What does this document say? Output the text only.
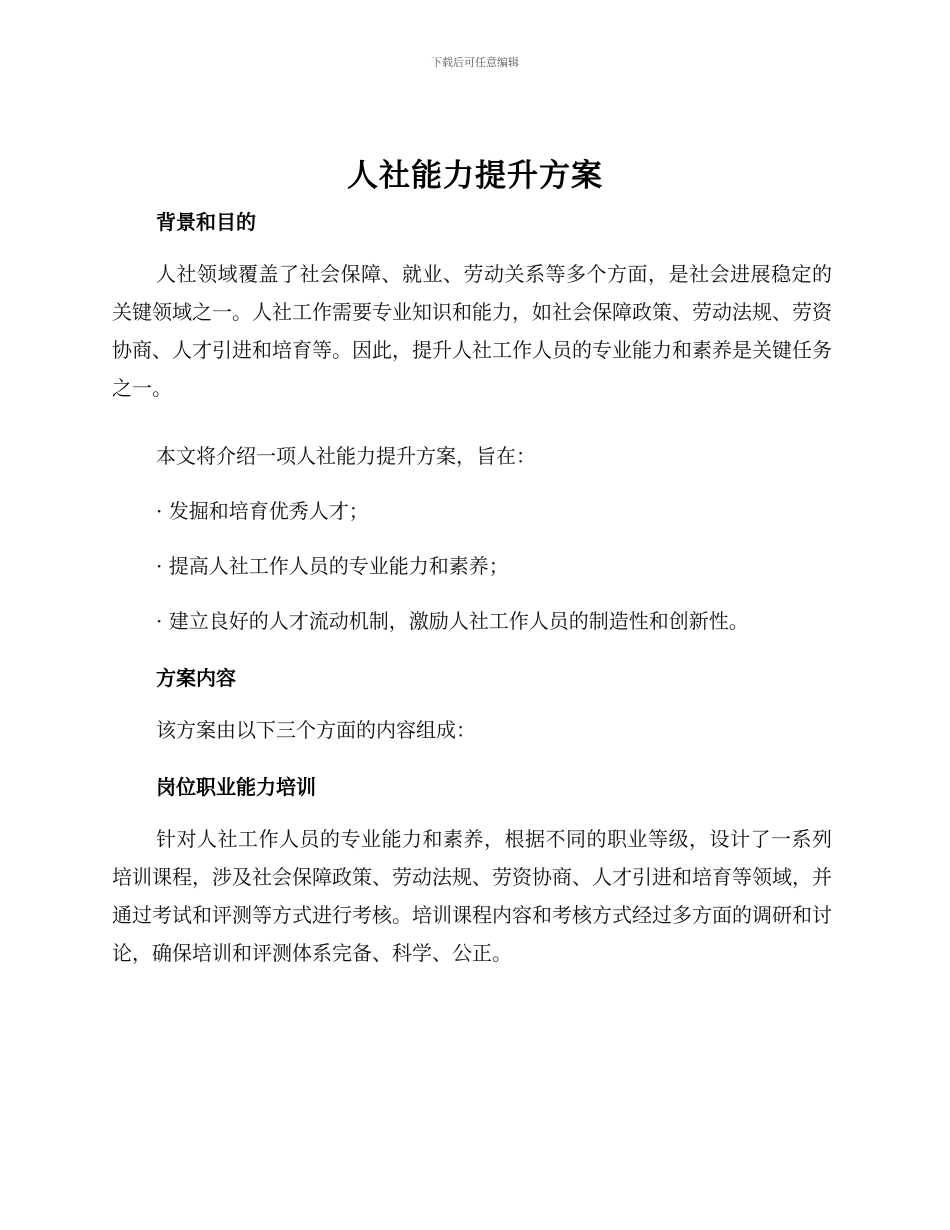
下载后可任意编辑
人社能力提升方案
背景和目的

人社领域覆盖了社会保障、就业、劳动关系等多个方面，是社会进展稳定的关键领域之一。人社工作需要专业知识和能力，如社会保障政策、劳动法规、劳资协商、人才引进和培育等。因此，提升人社工作人员的专业能力和素养是关键任务之一。

本文将介绍一项人社能力提升方案，旨在：
· 发掘和培育优秀人才；
· 提高人社工作人员的专业能力和素养；
· 建立良好的人才流动机制，激励人社工作人员的制造性和创新性。
方案内容
该方案由以下三个方面的内容组成：
岗位职业能力培训

针对人社工作人员的专业能力和素养，根据不同的职业等级，设计了一系列培训课程，涉及社会保障政策、劳动法规、劳资协商、人才引进和培育等领域，并通过考试和评测等方式进行考核。培训课程内容和考核方式经过多方面的调研和讨论，确保培训和评测体系完备、科学、公正。
